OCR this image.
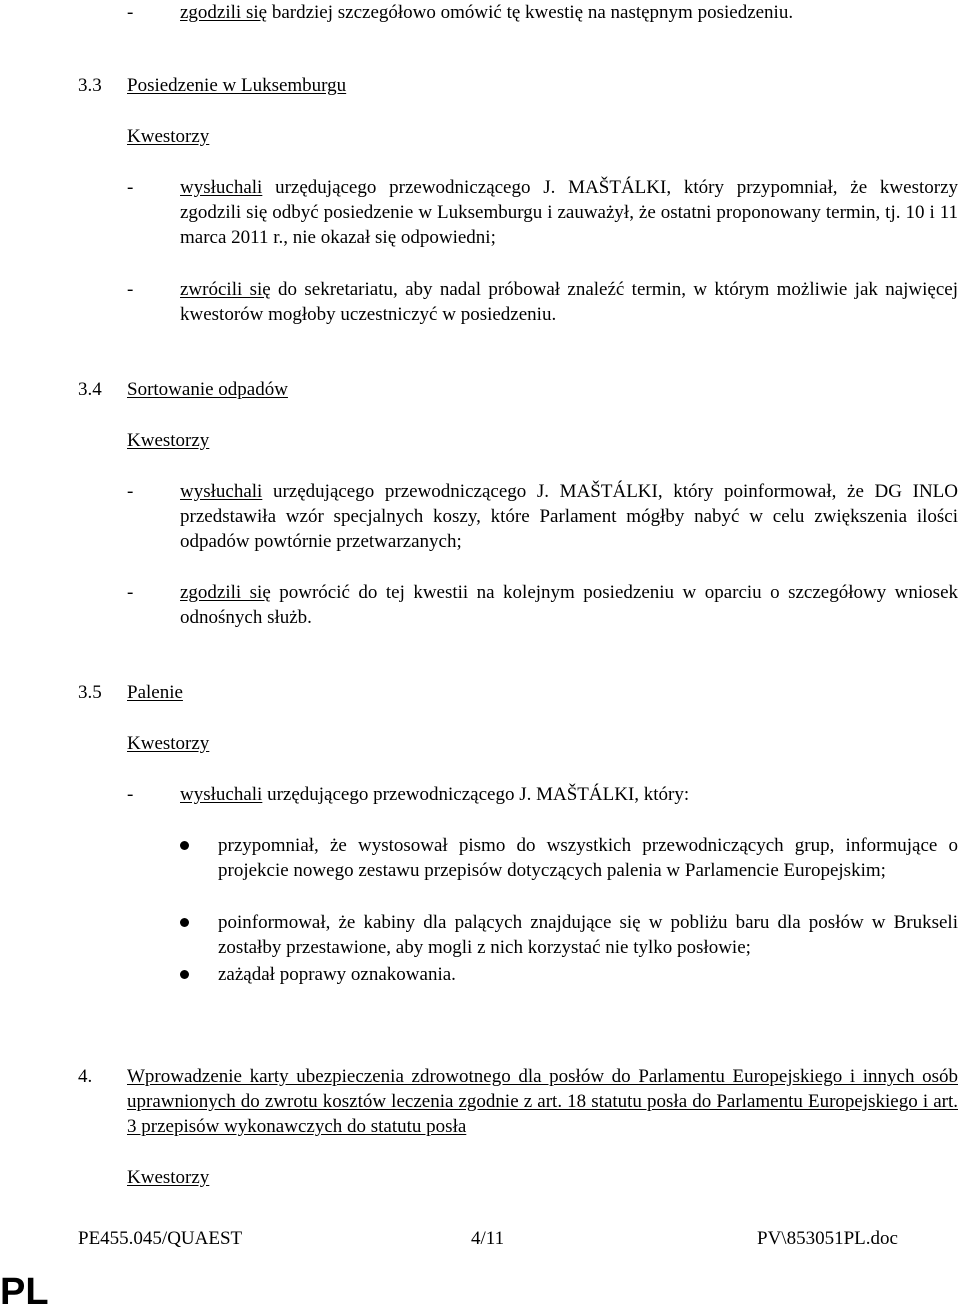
- zgodzili się bardziej szczegółowo omówić tę kwestię na następnym posiedzeniu.
3.3 Posiedzenie w Luksemburgu
Kwestorzy
- wysłuchali urzędującego przewodniczącego J. MAŠTÁLKI, który przypomniał, że kwestorzy zgodzili się odbyć posiedzenie w Luksemburgu i zauważył, że ostatni proponowany termin, tj. 10 i 11 marca 2011 r., nie okazał się odpowiedni;
- zwrócili się do sekretariatu, aby nadal próbował znaleźć termin, w którym możliwie jak najwięcej kwestorów mogłoby uczestniczyć w posiedzeniu.
3.4 Sortowanie odpadów
Kwestorzy
- wysłuchali urzędującego przewodniczącego J. MAŠTÁLKI, który poinformował, że DG INLO przedstawiła wzór specjalnych koszy, które Parlament mógłby nabyć w celu zwiększenia ilości odpadów powtórnie przetwarzanych;
- zgodzili się powrócić do tej kwestii na kolejnym posiedzeniu w oparciu o szczegółowy wniosek odnośnych służb.
3.5 Palenie
Kwestorzy
- wysłuchali urzędującego przewodniczącego J. MAŠTÁLKI, który:
przypomniał, że wystosował pismo do wszystkich przewodniczących grup, informujące o projekcie nowego zestawu przepisów dotyczących palenia w Parlamencie Europejskim;
poinformował, że kabiny dla palących znajdujące się w pobliżu baru dla posłów w Brukseli zostałby przestawione, aby mogli z nich korzystać nie tylko posłowie;
zażądał poprawy oznakowania.
4. Wprowadzenie karty ubezpieczenia zdrowotnego dla posłów do Parlamentu Europejskiego i innych osób uprawnionych do zwrotu kosztów leczenia zgodnie z art. 18 statutu posła do Parlamentu Europejskiego i art. 3 przepisów wykonawczych do statutu posła
Kwestorzy
PE455.045/QUAEST	4/11	PV\853051PL.doc
PL
